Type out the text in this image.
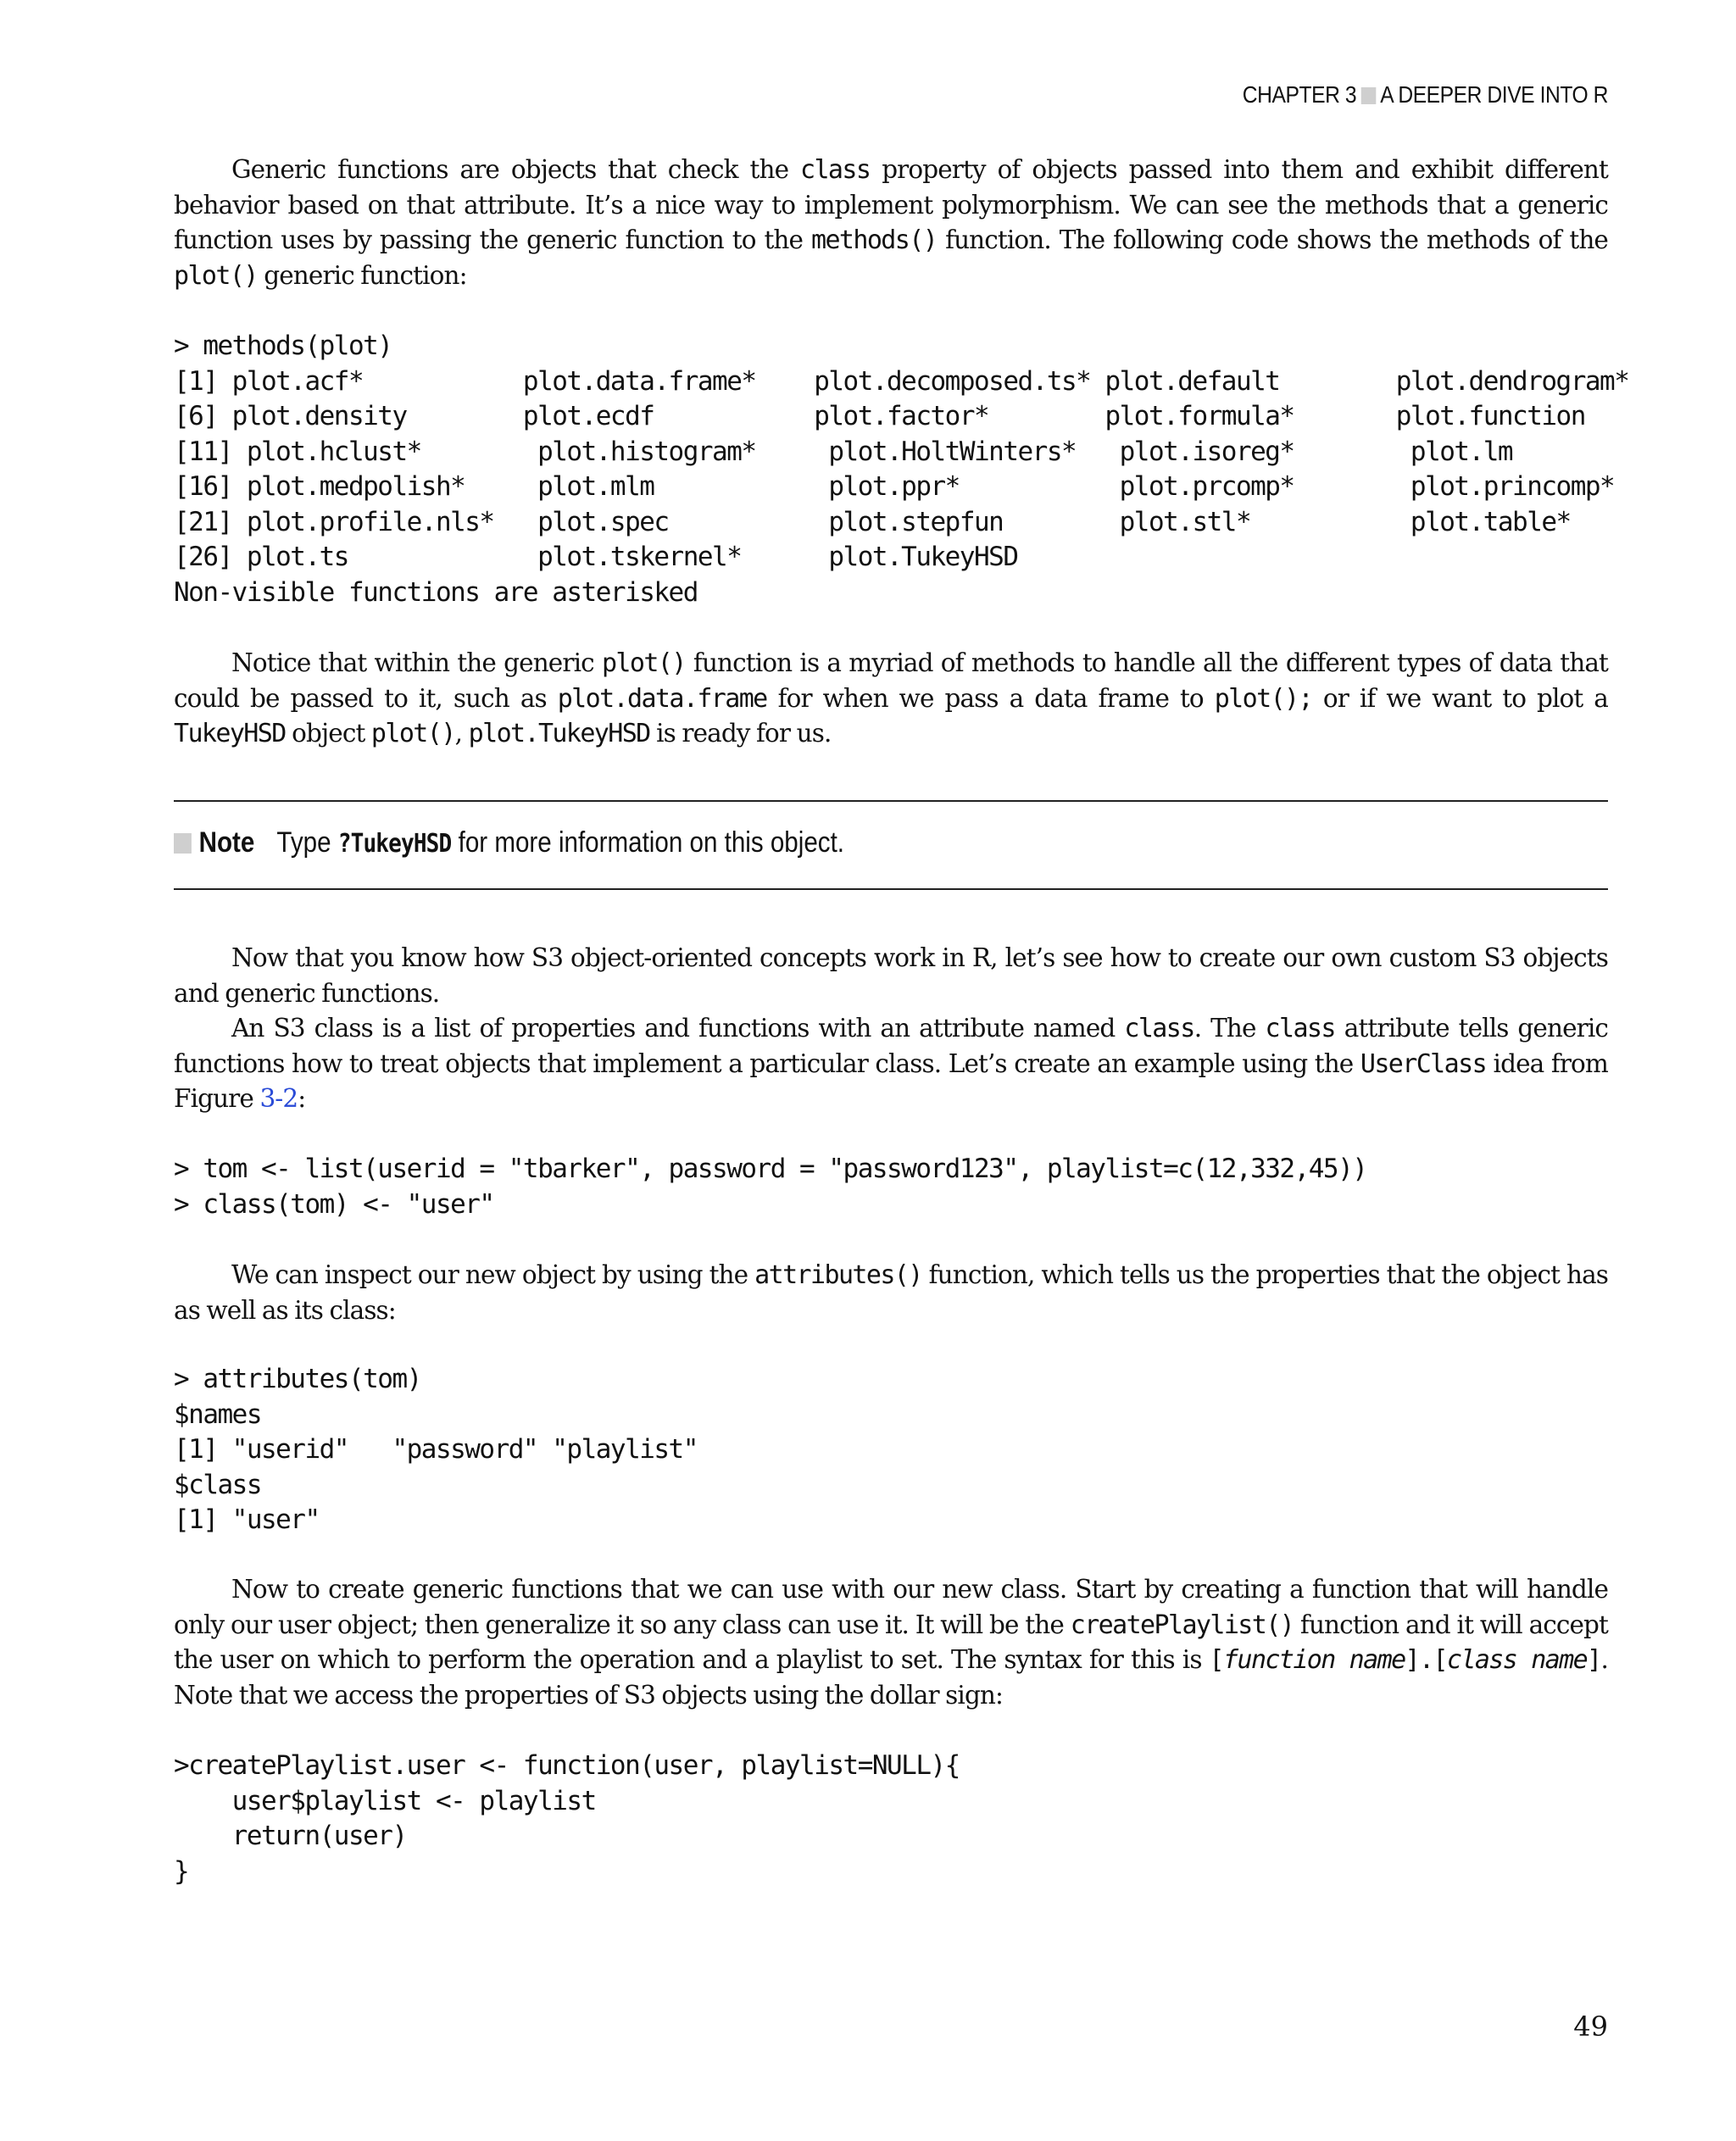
CHAPTER 3 A DEEPER DIVE INTO R

Generic functions are objects that check the class property of objects passed into them and exhibit different behavior based on that attribute. It’s a nice way to implement polymorphism. We can see the methods that a generic function uses by passing the generic function to the methods() function. The following code shows the methods of the plot() generic function:

> methods(plot)
[1] plot.acf*           plot.data.frame*    plot.decomposed.ts* plot.default        plot.dendrogram*
[6] plot.density        plot.ecdf           plot.factor*        plot.formula*       plot.function
[11] plot.hclust*        plot.histogram*     plot.HoltWinters*   plot.isoreg*        plot.lm
[16] plot.medpolish*     plot.mlm            plot.ppr*           plot.prcomp*        plot.princomp*
[21] plot.profile.nls*   plot.spec           plot.stepfun        plot.stl*           plot.table*
[26] plot.ts             plot.tskernel*      plot.TukeyHSD
Non-visible functions are asterisked

Notice that within the generic plot() function is a myriad of methods to handle all the different types of data that could be passed to it, such as plot.data.frame for when we pass a data frame to plot(); or if we want to plot a TukeyHSD object plot(), plot.TukeyHSD is ready for us.

Note Type ?TukeyHSD for more information on this object.

Now that you know how S3 object-oriented concepts work in R, let’s see how to create our own custom S3 objects and generic functions.

An S3 class is a list of properties and functions with an attribute named class. The class attribute tells generic functions how to treat objects that implement a particular class. Let’s create an example using the UserClass idea from Figure 3-2:

> tom <- list(userid = "tbarker", password = "password123", playlist=c(12,332,45))
> class(tom) <- "user"

We can inspect our new object by using the attributes() function, which tells us the properties that the object has as well as its class:

> attributes(tom)
$names
[1] "userid"   "password" "playlist"
$class
[1] "user"

Now to create generic functions that we can use with our new class. Start by creating a function that will handle only our user object; then generalize it so any class can use it. It will be the createPlaylist() function and it will accept the user on which to perform the operation and a playlist to set. The syntax for this is [function name].[class name]. Note that we access the properties of S3 objects using the dollar sign:

>createPlaylist.user <- function(user, playlist=NULL){
user$playlist <- playlist
return(user)
}
49
